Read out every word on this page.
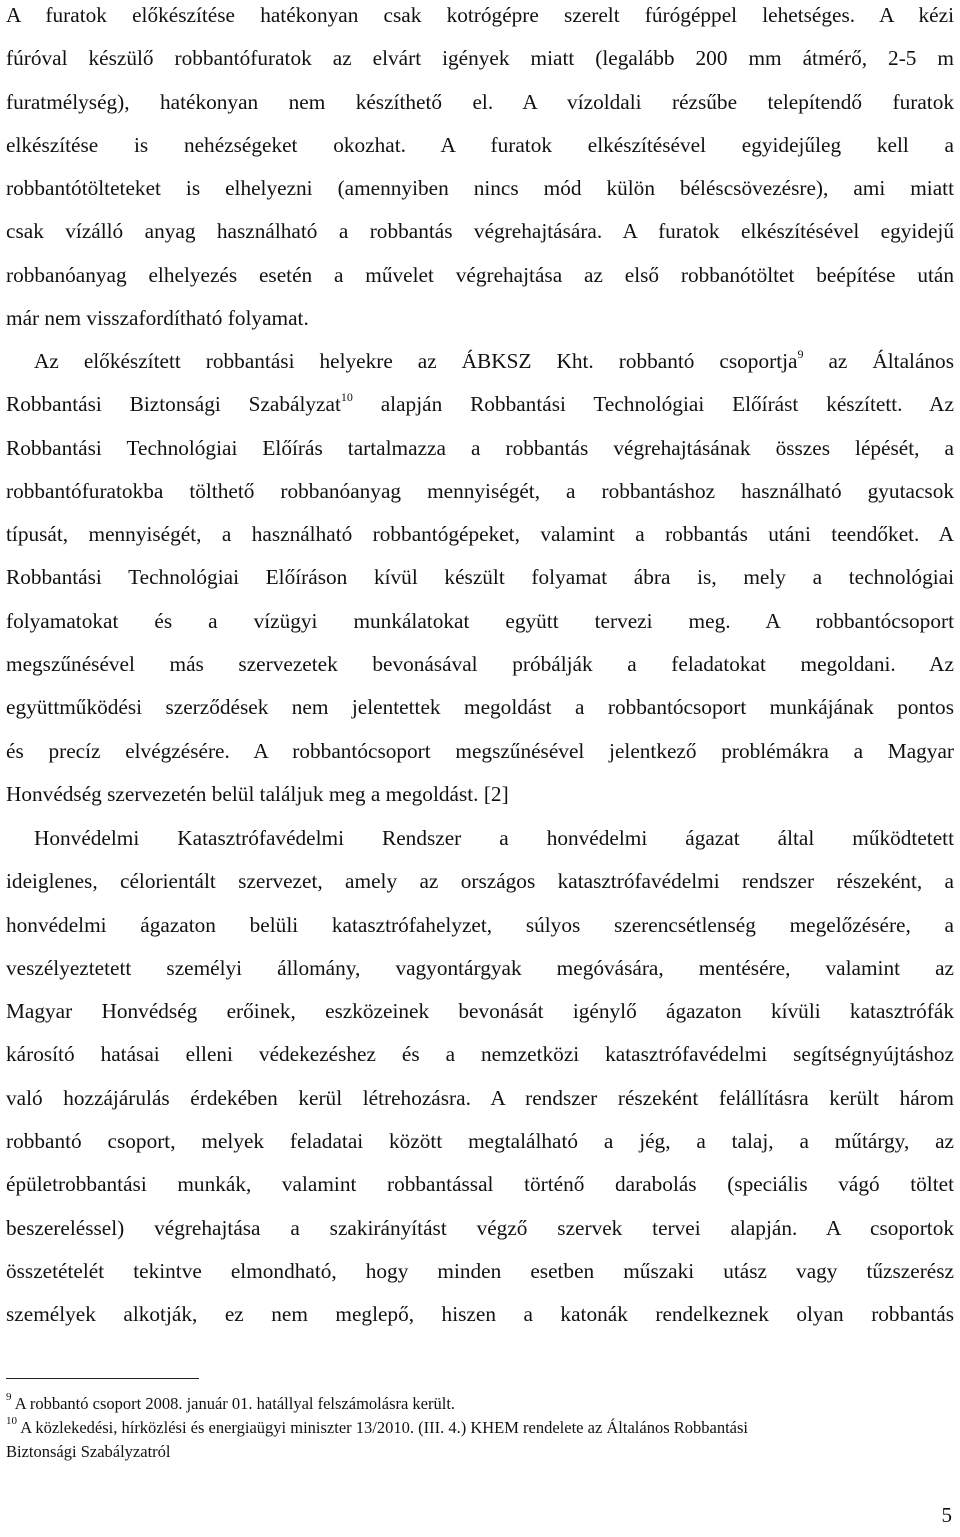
A furatok előkészítése hatékonyan csak kotrógépre szerelt fúrógéppel lehetséges. A kézi
fúróval készülő robbantófuratok az elvárt igények miatt (legalább 200 mm átmérő, 2-5 m
furatmélység), hatékonyan nem készíthető el. A vízoldali rézsűbe telepítendő furatok
elkészítése is nehézségeket okozhat. A furatok elkészítésével egyidejűleg kell a
robbantótölteteket is elhelyezni (amennyiben nincs mód külön béléscsövezésre), ami miatt
csak vízálló anyag használható a robbantás végrehajtására. A furatok elkészítésével egyidejű
robbanóanyag elhelyezés esetén a művelet végrehajtása az első robbanótöltet beépítése után
már nem visszafordítható folyamat.
Az előkészített robbantási helyekre az ÁBKSZ Kht. robbantó csoportja$^9$ az Általános
Robbantási Biztonsági Szabályzat$^{10}$ alapján Robbantási Technológiai Előírást készített. Az
Robbantási Technológiai Előírás tartalmazza a robbantás végrehajtásának összes lépését, a
robbantófuratokba tölthető robbanóanyag mennyiségét, a robbantáshoz használható gyutacsok
típusát, mennyiségét, a használható robbantógépeket, valamint a robbantás utáni teendőket. A
Robbantási Technológiai Előíráson kívül készült folyamat ábra is, mely a technológiai
folyamatokat és a vízügyi munkálatokat együtt tervezi meg. A robbantócsoport
megszűnésével más szervezetek bevonásával próbálják a feladatokat megoldani. Az
együttműködési szerződések nem jelentettek megoldást a robbantócsoport munkájának pontos
és precíz elvégzésére. A robbantócsoport megszűnésével jelentkező problémákra a Magyar
Honvédség szervezetén belül találjuk meg a megoldást. [2]
Honvédelmi Katasztrófavédelmi Rendszer a honvédelmi ágazat által működtetett
ideiglenes, célorientált szervezet, amely az országos katasztrófavédelmi rendszer részeként, a
honvédelmi ágazaton belüli katasztrófahelyzet, súlyos szerencsétlenség megelőzésére, a
veszélyeztetett személyi állomány, vagyontárgyak megóvására, mentésére, valamint az
Magyar Honvédség erőinek, eszközeinek bevonását igénylő ágazaton kívüli katasztrófák
károsító hatásai elleni védekezéshez és a nemzetközi katasztrófavédelmi segítségnyújtáshoz
való hozzájárulás érdekében kerül létrehozásra. A rendszer részeként felállításra került három
robbantó csoport, melyek feladatai között megtalálható a jég, a talaj, a műtárgy, az
épületrobbantási munkák, valamint robbantással történő darabolás (speciális vágó töltet
beszereléssel) végrehajtása a szakirányítást végző szervek tervei alapján. A csoportok
összetételét tekintve elmondható, hogy minden esetben műszaki utász vagy tűzszerész
személyek alkotják, ez nem meglepő, hiszen a katonák rendelkeznek olyan robbantás

$^9$ A robbantó csoport 2008. január 01. hatállyal felszámolásra került.

$^{10}$ A közlekedési, hírközlési és energiaügyi miniszter 13/2010. (III. 4.) KHEM rendelete az Általános Robbantási
Biztonsági Szabályzatról

5
